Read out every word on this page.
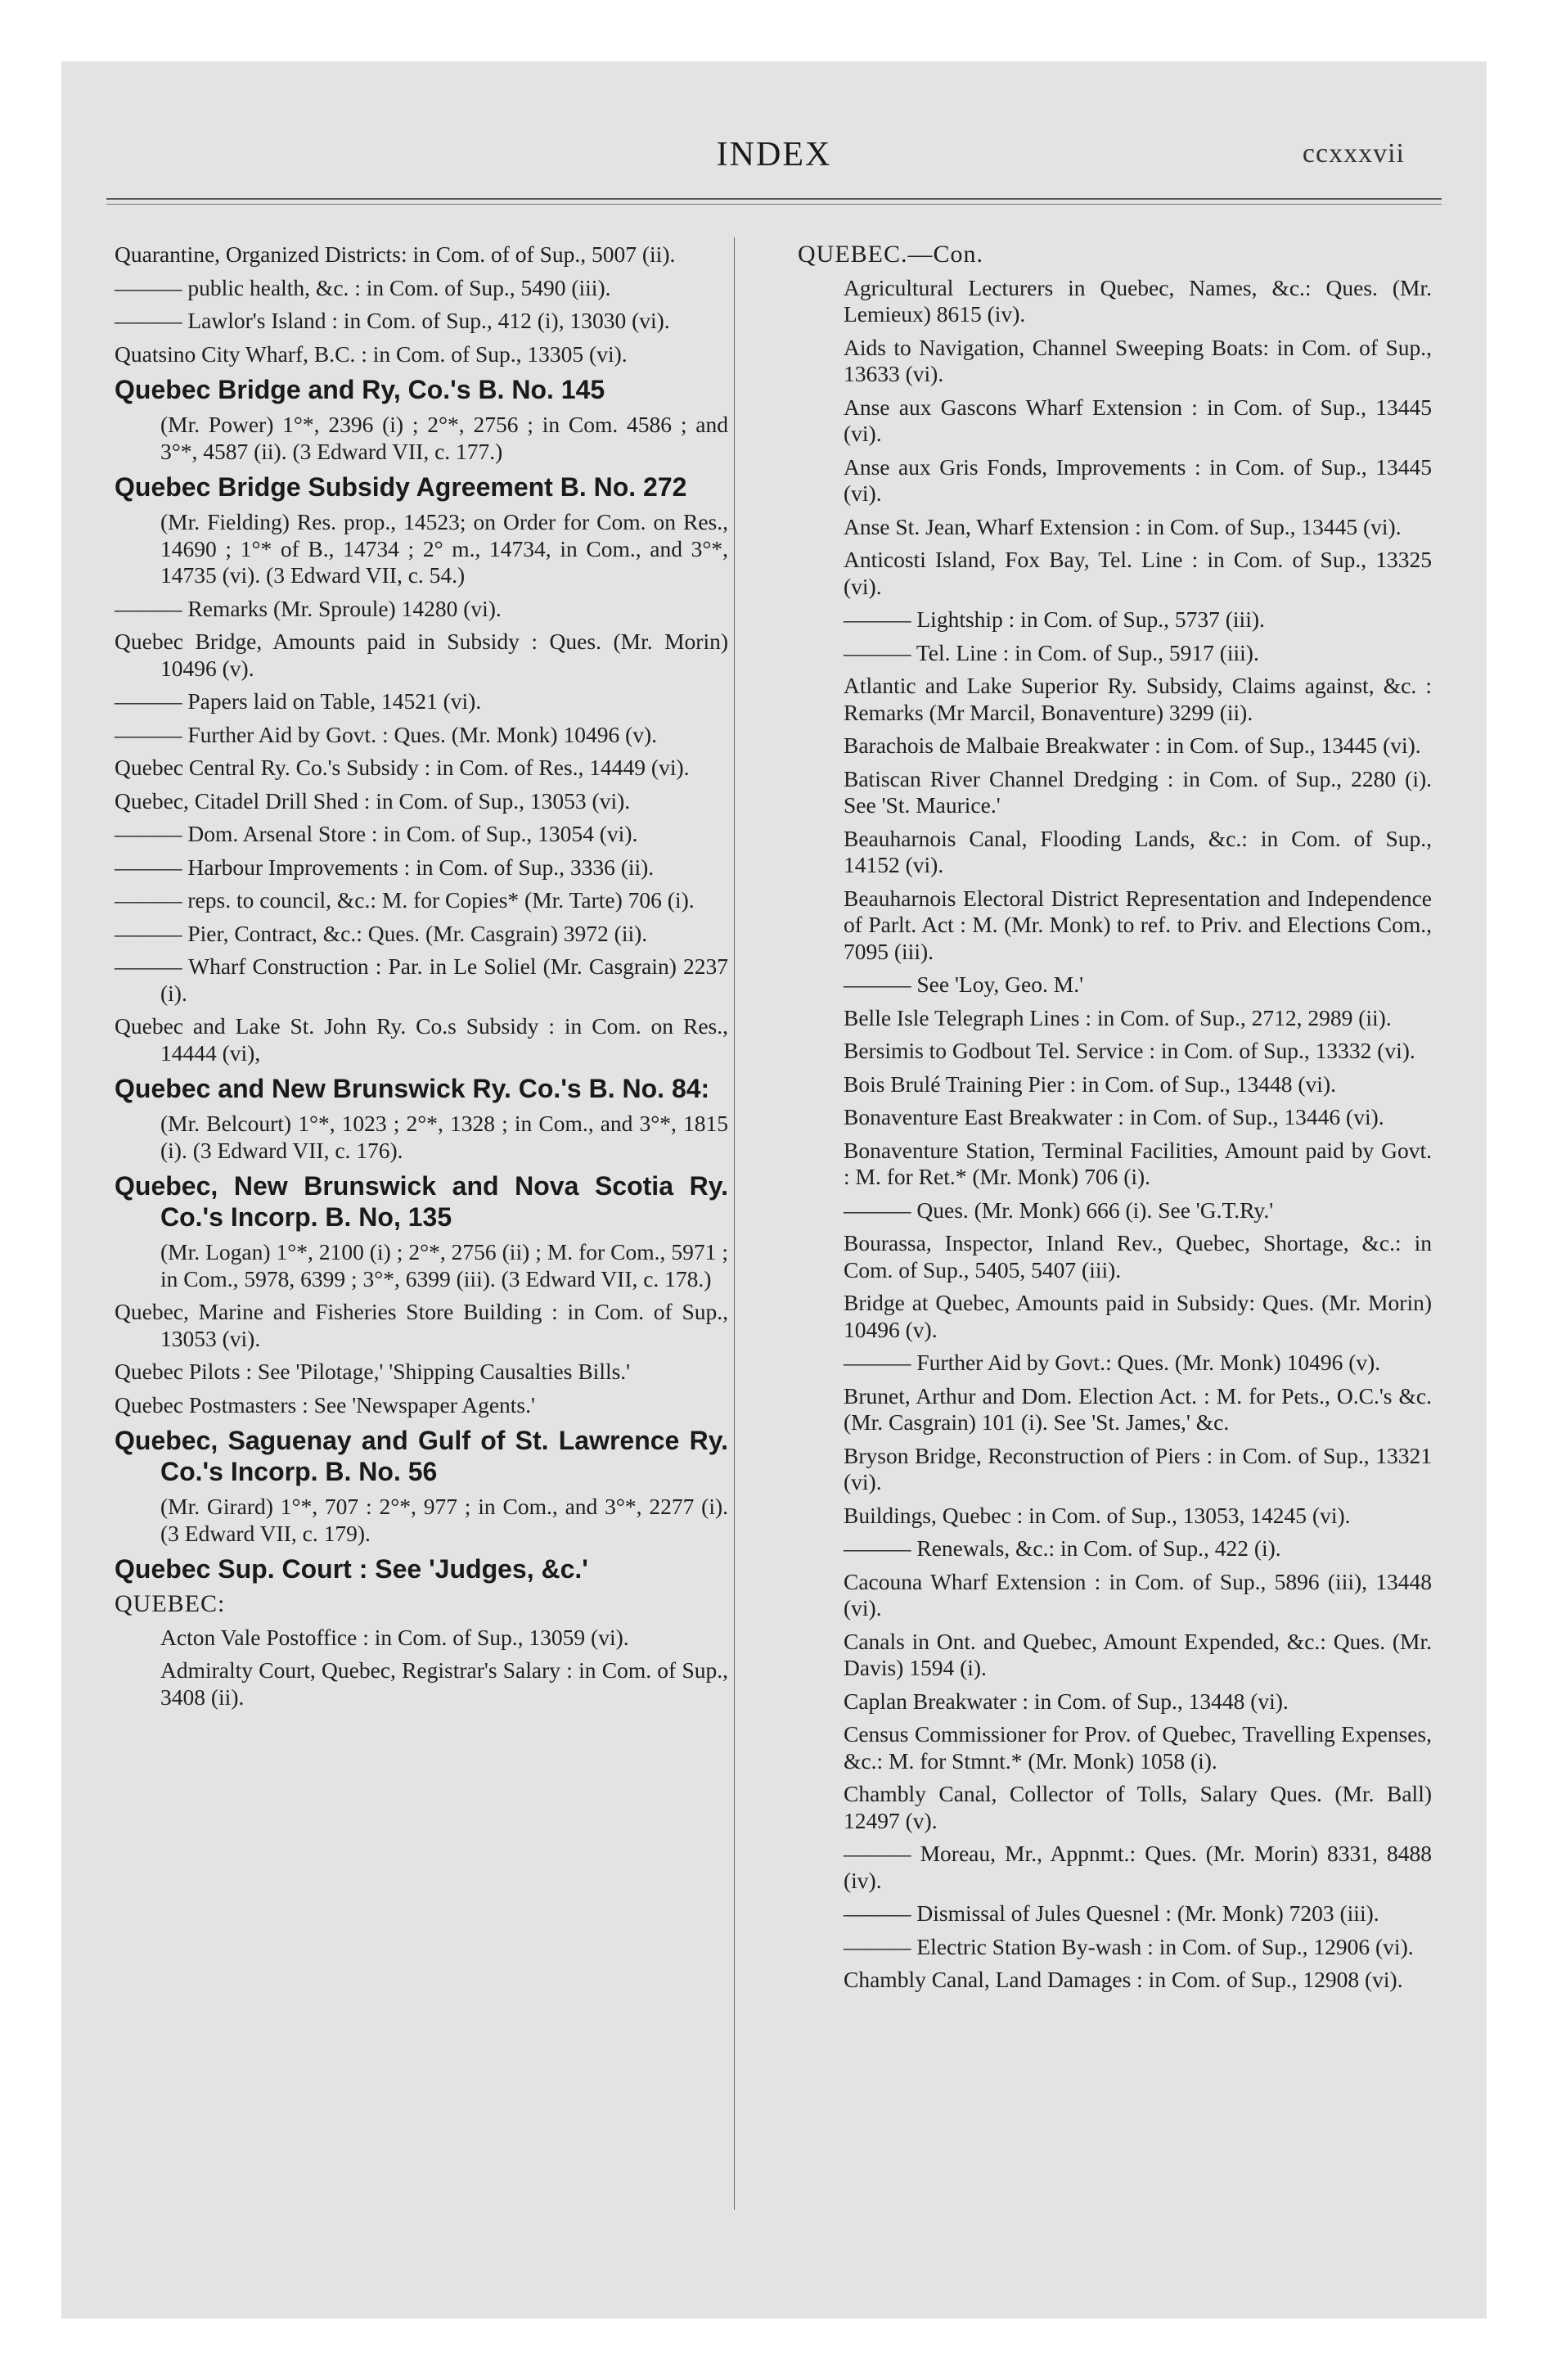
INDEX	ccxxxvii
Quarantine, Organized Districts: in Com. of of Sup., 5007 (ii).
——— public health, &c. : in Com. of Sup., 5490 (iii).
——— Lawlor's Island : in Com. of Sup., 412 (i), 13030 (vi).
Quatsino City Wharf, B.C. : in Com. of Sup., 13305 (vi).
Quebec Bridge and Ry, Co.'s B. No. 145
(Mr. Power) 1°*, 2396 (i) ; 2°*, 2756 ; in Com. 4586 ; and 3°*, 4587 (ii). (3 Edward VII, c. 177.)
Quebec Bridge Subsidy Agreement B. No. 272
(Mr. Fielding) Res. prop., 14523; on Order for Com. on Res., 14690 ; 1°* of B., 14734 ; 2° m., 14734, in Com., and 3°*, 14735 (vi). (3 Edward VII, c. 54.)
——— Remarks (Mr. Sproule) 14280 (vi).
Quebec Bridge, Amounts paid in Subsidy : Ques. (Mr. Morin) 10496 (v).
——— Papers laid on Table, 14521 (vi).
——— Further Aid by Govt. : Ques. (Mr. Monk) 10496 (v).
Quebec Central Ry. Co.'s Subsidy : in Com. of Res., 14449 (vi).
Quebec, Citadel Drill Shed : in Com. of Sup., 13053 (vi).
——— Dom. Arsenal Store : in Com. of Sup., 13054 (vi).
——— Harbour Improvements : in Com. of Sup., 3336 (ii).
——— reps. to council, &c.: M. for Copies* (Mr. Tarte) 706 (i).
——— Pier, Contract, &c.: Ques. (Mr. Casgrain) 3972 (ii).
——— Wharf Construction : Par. in Le Soliel (Mr. Casgrain) 2237 (i).
Quebec and Lake St. John Ry. Co.s Subsidy : in Com. on Res., 14444 (vi),
Quebec and New Brunswick Ry. Co.'s B. No. 84:
(Mr. Belcourt) 1°*, 1023 ; 2°*, 1328 ; in Com., and 3°*, 1815 (i). (3 Edward VII, c. 176).
Quebec, New Brunswick and Nova Scotia Ry. Co.'s Incorp. B. No, 135
(Mr. Logan) 1°*, 2100 (i) ; 2°*, 2756 (ii) ; M. for Com., 5971 ; in Com., 5978, 6399 ; 3°*, 6399 (iii). (3 Edward VII, c. 178.)
Quebec, Marine and Fisheries Store Building : in Com. of Sup., 13053 (vi).
Quebec Pilots : See 'Pilotage,' 'Shipping Causalties Bills.'
Quebec Postmasters : See 'Newspaper Agents.'
Quebec, Saguenay and Gulf of St. Lawrence Ry. Co.'s Incorp. B. No. 56
(Mr. Girard) 1°*, 707 : 2°*, 977 ; in Com., and 3°*, 2277 (i). (3 Edward VII, c. 179).
Quebec Sup. Court : See 'Judges, &c.'
QUEBEC:
Acton Vale Postoffice : in Com. of Sup., 13059 (vi).
Admiralty Court, Quebec, Registrar's Salary : in Com. of Sup., 3408 (ii).
QUEBEC.—Con.
Agricultural Lecturers in Quebec, Names, &c.: Ques. (Mr. Lemieux) 8615 (iv).
Aids to Navigation, Channel Sweeping Boats: in Com. of Sup., 13633 (vi).
Anse aux Gascons Wharf Extension : in Com. of Sup., 13445 (vi).
Anse aux Gris Fonds, Improvements : in Com. of Sup., 13445 (vi).
Anse St. Jean, Wharf Extension : in Com. of Sup., 13445 (vi).
Anticosti Island, Fox Bay, Tel. Line : in Com. of Sup., 13325 (vi).
——— Lightship : in Com. of Sup., 5737 (iii).
——— Tel. Line : in Com. of Sup., 5917 (iii).
Atlantic and Lake Superior Ry. Subsidy, Claims against, &c. : Remarks (Mr Marcil, Bonaventure) 3299 (ii).
Barachois de Malbaie Breakwater : in Com. of Sup., 13445 (vi).
Batiscan River Channel Dredging : in Com. of Sup., 2280 (i). See 'St. Maurice.'
Beauharnois Canal, Flooding Lands, &c.: in Com. of Sup., 14152 (vi).
Beauharnois Electoral District Representation and Independence of Parlt. Act : M. (Mr. Monk) to ref. to Priv. and Elections Com., 7095 (iii).
——— See 'Loy, Geo. M.'
Belle Isle Telegraph Lines : in Com. of Sup., 2712, 2989 (ii).
Bersimis to Godbout Tel. Service : in Com. of Sup., 13332 (vi).
Bois Brulé Training Pier : in Com. of Sup., 13448 (vi).
Bonaventure East Breakwater : in Com. of Sup., 13446 (vi).
Bonaventure Station, Terminal Facilities, Amount paid by Govt. : M. for Ret.* (Mr. Monk) 706 (i).
——— Ques. (Mr. Monk) 666 (i). See 'G.T.Ry.'
Bourassa, Inspector, Inland Rev., Quebec, Shortage, &c.: in Com. of Sup., 5405, 5407 (iii).
Bridge at Quebec, Amounts paid in Subsidy: Ques. (Mr. Morin) 10496 (v).
——— Further Aid by Govt.: Ques. (Mr. Monk) 10496 (v).
Brunet, Arthur and Dom. Election Act. : M. for Pets., O.C.'s &c. (Mr. Casgrain) 101 (i). See 'St. James,' &c.
Bryson Bridge, Reconstruction of Piers : in Com. of Sup., 13321 (vi).
Buildings, Quebec : in Com. of Sup., 13053, 14245 (vi).
——— Renewals, &c.: in Com. of Sup., 422 (i).
Cacouna Wharf Extension : in Com. of Sup., 5896 (iii), 13448 (vi).
Canals in Ont. and Quebec, Amount Expended, &c.: Ques. (Mr. Davis) 1594 (i).
Caplan Breakwater : in Com. of Sup., 13448 (vi).
Census Commissioner for Prov. of Quebec, Travelling Expenses, &c.: M. for Stmnt.* (Mr. Monk) 1058 (i).
Chambly Canal, Collector of Tolls, Salary Ques. (Mr. Ball) 12497 (v).
——— Moreau, Mr., Appnmt.: Ques. (Mr. Morin) 8331, 8488 (iv).
——— Dismissal of Jules Quesnel : (Mr. Monk) 7203 (iii).
——— Electric Station By-wash : in Com. of Sup., 12906 (vi).
Chambly Canal, Land Damages : in Com. of Sup., 12908 (vi).
